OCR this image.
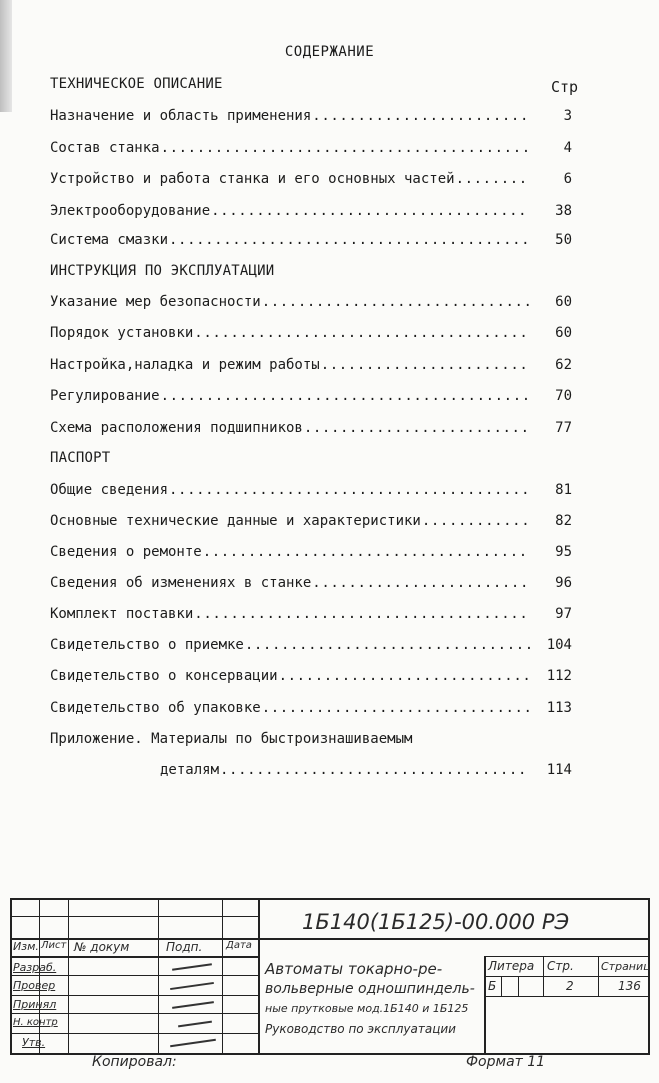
СОДЕРЖАНИЕ
Стр
ТЕХНИЧЕСКОЕ ОПИСАНИЕ
Назначение и область применения .....	3
Состав станка .....	4
Устройство и работа станка и его основных частей .....	6
Электрооборудование .....	38
Система смазки .....	50
ИНСТРУКЦИЯ ПО ЭКСПЛУАТАЦИИ
Указание мер безопасности .....	60
Порядок установки .....	60
Настройка,наладка и режим работы .....	62
Регулирование .....	70
Схема расположения подшипников .....	77
ПАСПОРТ
Общие сведения .....	81
Основные технические данные и характеристики .....	82
Сведения о ремонте .....	95
Сведения об изменениях в станке .....	96
Комплект поставки .....	97
Свидетельство о приемке .....	104
Свидетельство о консервации .....	112
Свидетельство об упаковке .....	113
Приложение. Материалы по быстроизнашиваемым
деталям .....	114
1Б140(1Б125)-00.000 РЭ
Изм. Лист № докум	Подп. Дата
Разраб.
Провер
Принял
Н. контр
Утв.
Автоматы токарно-ре-
вольверные одношпиндель-
ные прутковые мод.1Б140 и 1Б125
Руководство по эксплуатации
Литера Стр. Страниц
Б	2	136
Копировал:	Формат 11
